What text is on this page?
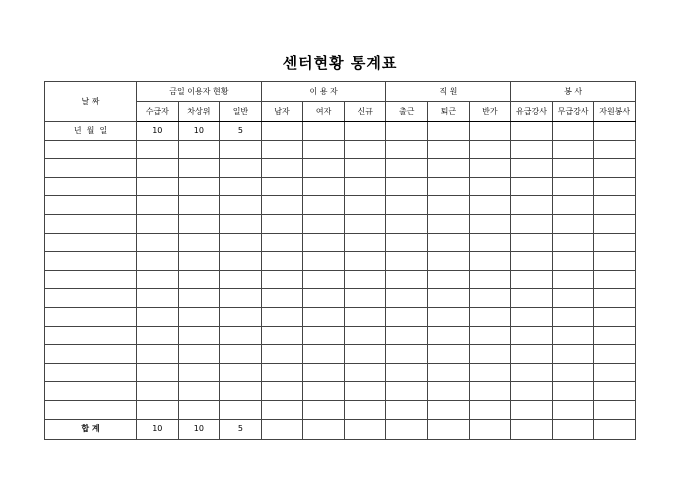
센터현황 통계표
날 짜	금일 이용자 현황			이 용 자			직 원			봉 사		
	수급자	차상위	일반	남자	여자	신규	출근	퇴근	반가	유급강사	무급강사	자원봉사
년  월  일	10	10	5									

합 계	10	10	5									
